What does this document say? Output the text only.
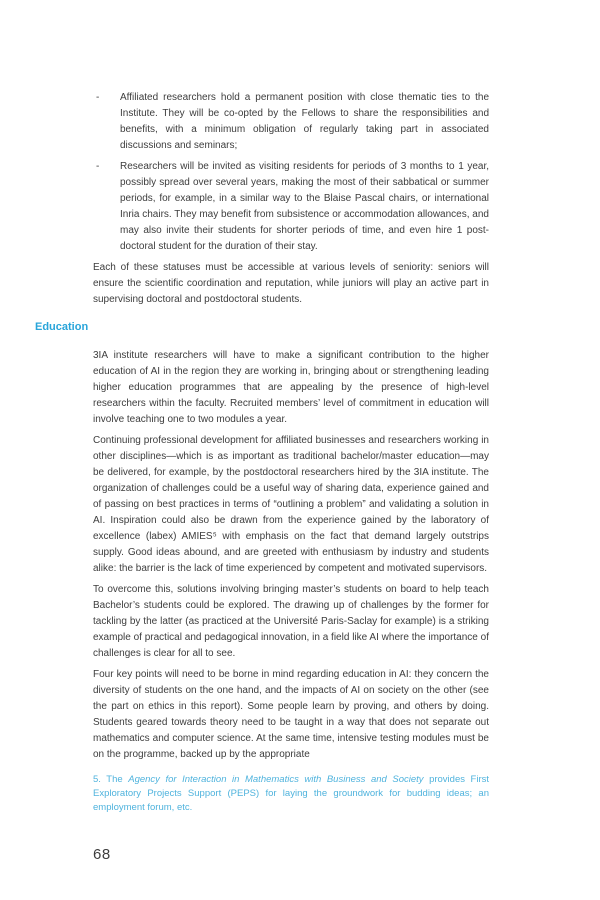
-	Affiliated researchers hold a permanent position with close thematic ties to the Institute. They will be co-opted by the Fellows to share the responsibilities and benefits, with a minimum obligation of regularly taking part in associated discussions and seminars;

-	Researchers will be invited as visiting residents for periods of 3 months to 1 year, possibly spread over several years, making the most of their sabbatical or summer periods, for example, in a similar way to the Blaise Pascal chairs, or international Inria chairs. They may benefit from subsistence or accommodation allowances, and may also invite their students for shorter periods of time, and even hire 1 post-doctoral student for the duration of their stay.

Each of these statuses must be accessible at various levels of seniority: seniors will ensure the scientific coordination and reputation, while juniors will play an active part in supervising doctoral and postdoctoral students.

Education

3IA institute researchers will have to make a significant contribution to the higher education of AI in the region they are working in, bringing about or strengthening leading higher education programmes that are appealing by the presence of high-level researchers within the faculty. Recruited members’ level of commitment in education will involve teaching one to two modules a year.

Continuing professional development for affiliated businesses and researchers working in other disciplines—which is as important as traditional bachelor/master education—may be delivered, for example, by the postdoctoral researchers hired by the 3IA institute. The organization of challenges could be a useful way of sharing data, experience gained and of passing on best practices in terms of “outlining a problem” and validating a solution in AI. Inspiration could also be drawn from the experience gained by the laboratory of excellence (labex) AMIES⁵ with emphasis on the fact that demand largely outstrips supply. Good ideas abound, and are greeted with enthusiasm by industry and students alike: the barrier is the lack of time experienced by competent and motivated supervisors.

To overcome this, solutions involving bringing master’s students on board to help teach Bachelor’s students could be explored. The drawing up of challenges by the former for tackling by the latter (as practiced at the Université Paris-Saclay for example) is a striking example of practical and pedagogical innovation, in a field like AI where the importance of challenges is clear for all to see.

Four key points will need to be borne in mind regarding education in AI: they concern the diversity of students on the one hand, and the impacts of AI on society on the other (see the part on ethics in this report). Some people learn by proving, and others by doing. Students geared towards theory need to be taught in a way that does not separate out mathematics and computer science. At the same time, intensive testing modules must be on the programme, backed up by the appropriate

5. The Agency for Interaction in Mathematics with Business and Society provides First Exploratory Projects Support (PEPS) for laying the groundwork for budding ideas; an employment forum, etc.

68
